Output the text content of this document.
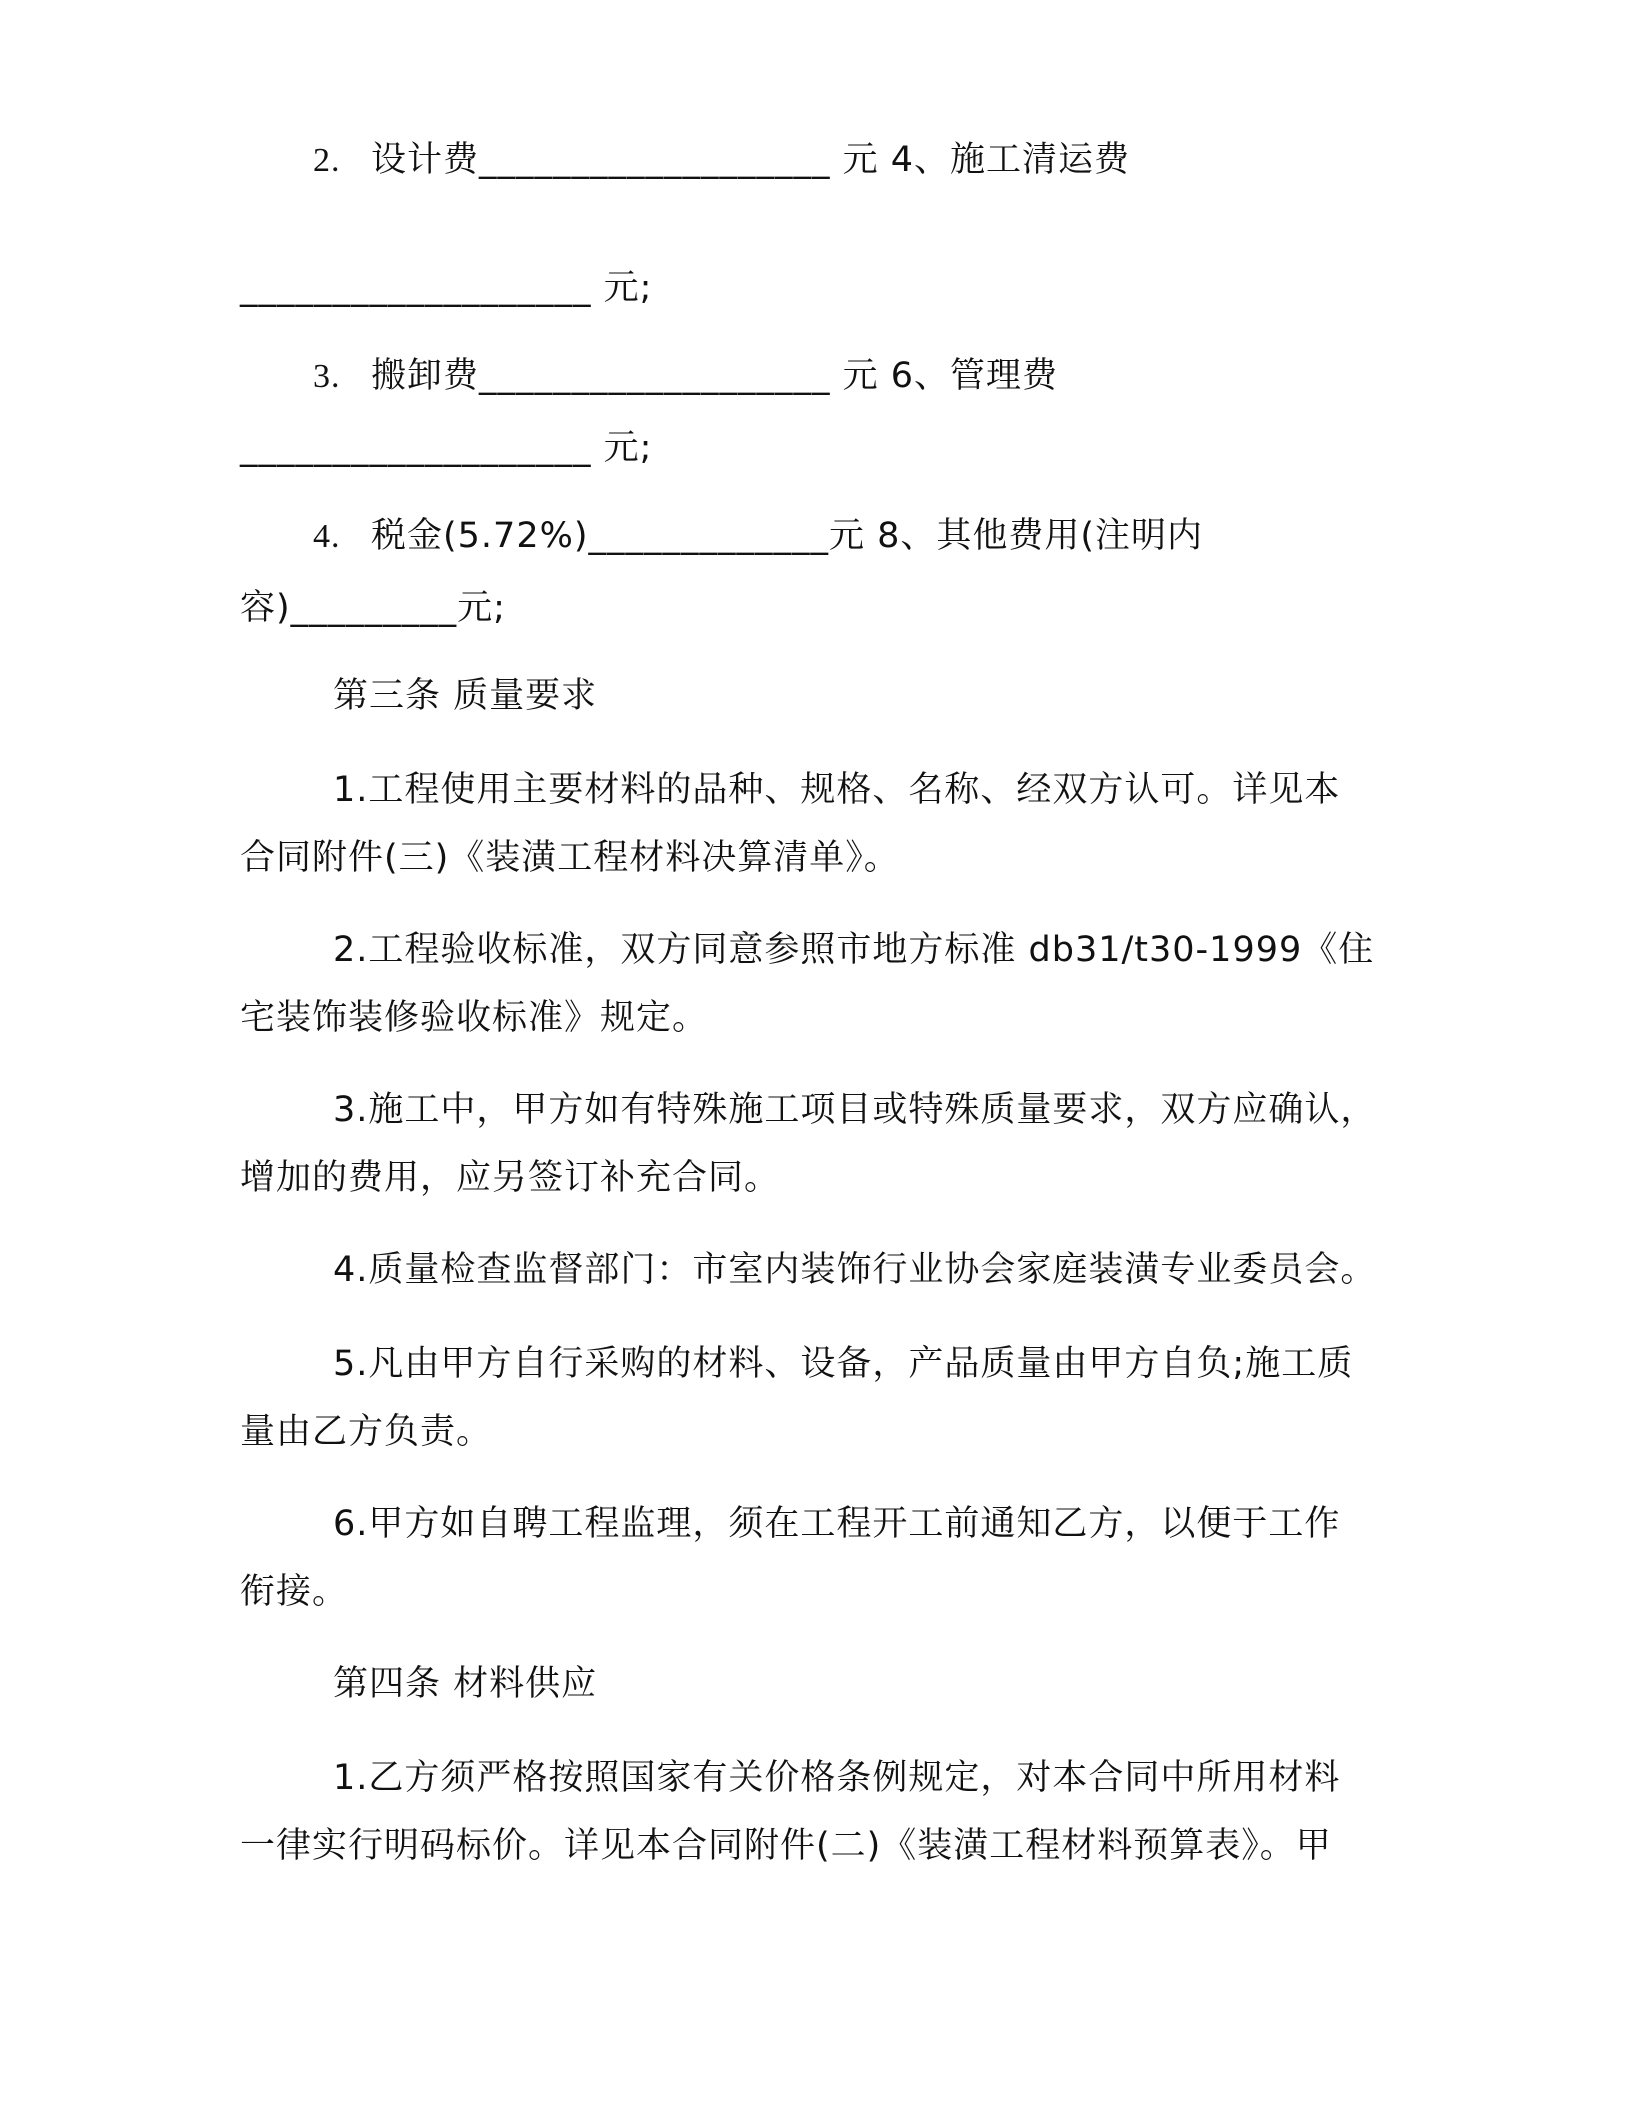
2. 设计费___________________ 元 4、施工清运费
___________________ 元;
3. 搬卸费___________________ 元 6、管理费
___________________ 元;
4. 税金(5.72%)_____________元 8、其他费用(注明内
容)_________元;
第三条 质量要求
1.工程使用主要材料的品种、规格、名称、经双方认可。详见本
合同附件(三)《装潢工程材料决算清单》。
2.工程验收标准，双方同意参照市地方标准 db31/t30-1999《住
宅装饰装修验收标准》规定。
3.施工中，甲方如有特殊施工项目或特殊质量要求，双方应确认，
增加的费用，应另签订补充合同。
4.质量检查监督部门：市室内装饰行业协会家庭装潢专业委员会。
5.凡由甲方自行采购的材料、设备，产品质量由甲方自负;施工质
量由乙方负责。
6.甲方如自聘工程监理，须在工程开工前通知乙方，以便于工作
衔接。
第四条 材料供应
1.乙方须严格按照国家有关价格条例规定，对本合同中所用材料
一律实行明码标价。详见本合同附件(二)《装潢工程材料预算表》。甲
